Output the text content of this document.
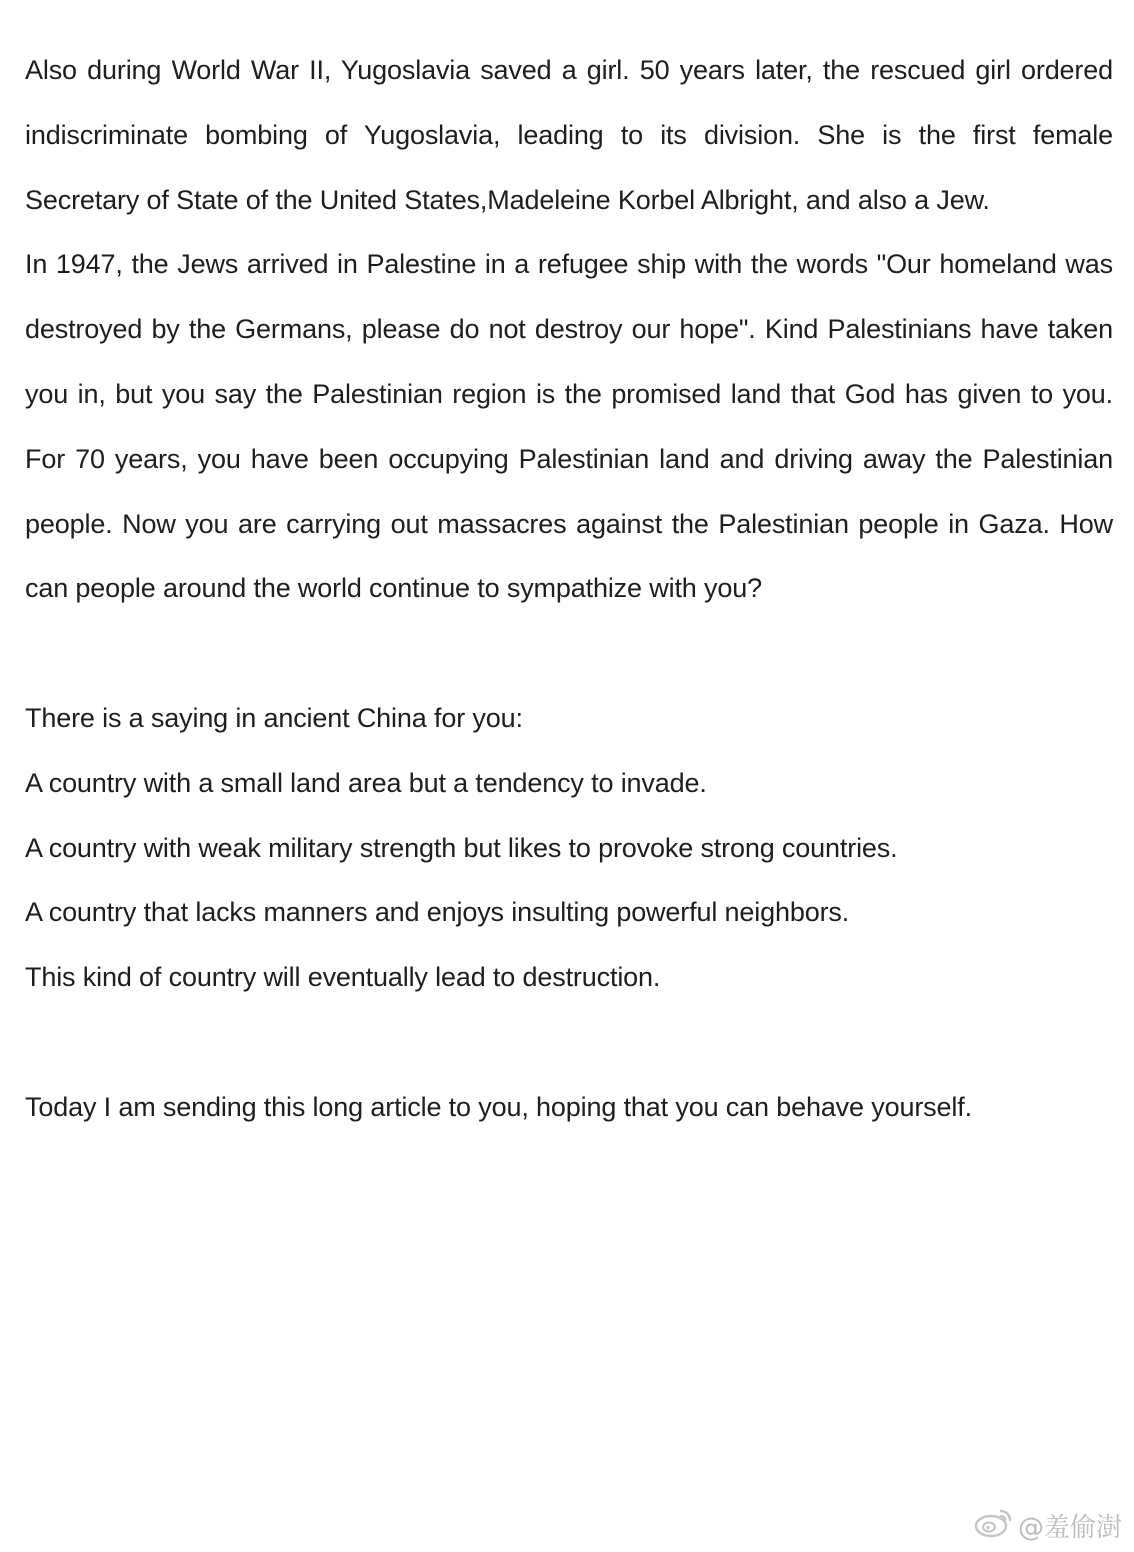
Also during World War II, Yugoslavia saved a girl. 50 years later, the rescued girl ordered indiscriminate bombing of Yugoslavia, leading to its division. She is the first female Secretary of State of the United States,Madeleine Korbel Albright, and also a Jew.

In 1947, the Jews arrived in Palestine in a refugee ship with the words "Our homeland was destroyed by the Germans, please do not destroy our hope". Kind Palestinians have taken you in, but you say the Palestinian region is the promised land that God has given to you. For 70 years, you have been occupying Palestinian land and driving away the Palestinian people. Now you are carrying out massacres against the Palestinian people in Gaza. How can people around the world continue to sympathize with you?

There is a saying in ancient China for you:

A country with a small land area but a tendency to invade.

A country with weak military strength but likes to provoke strong countries.

A country that lacks manners and enjoys insulting powerful neighbors.

This kind of country will eventually lead to destruction.

Today I am sending this long article to you, hoping that you can behave yourself.

@羞偷澍
